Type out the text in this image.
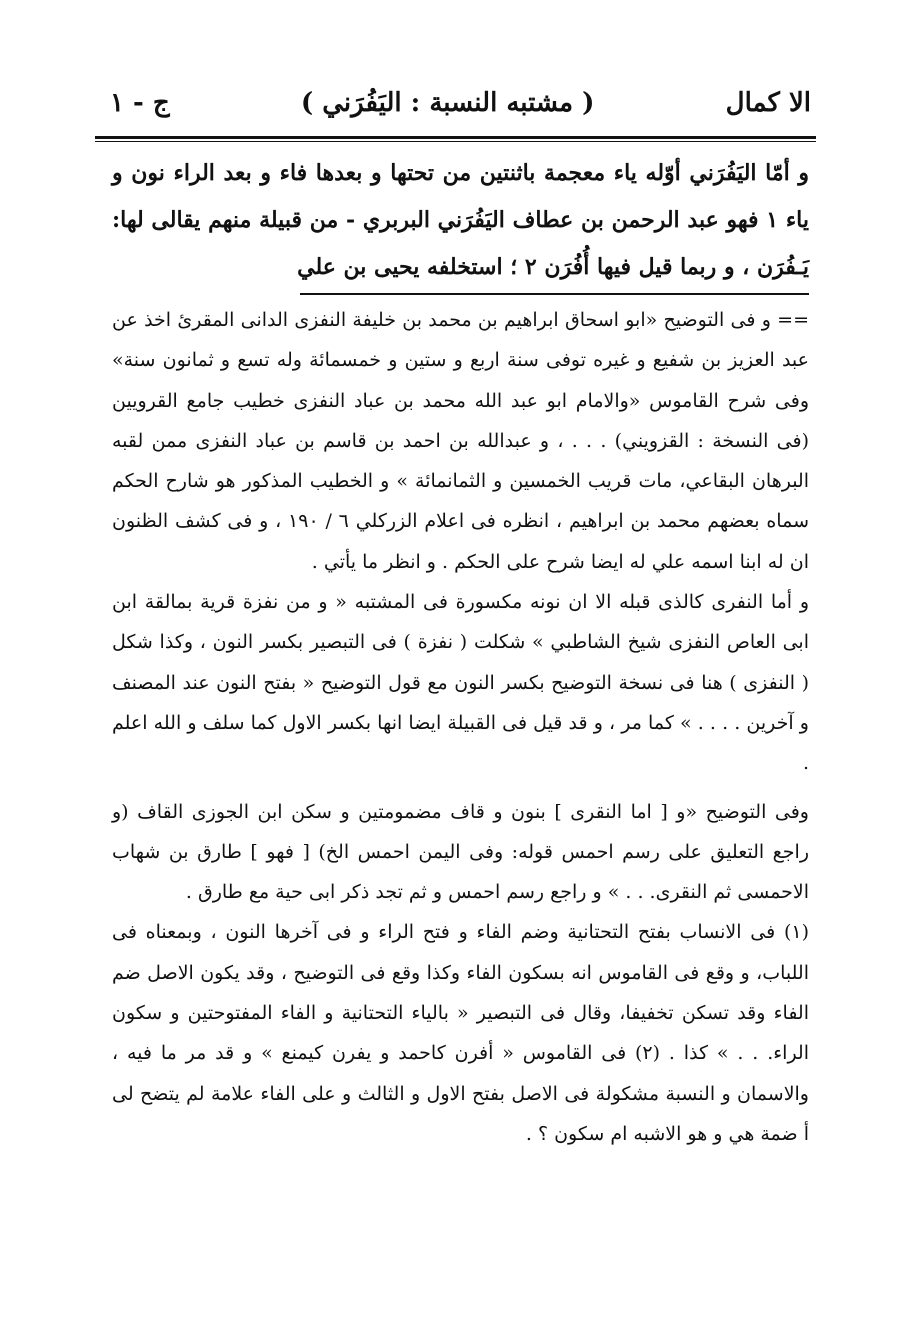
الا كمال
( مشتبه النسبة : اليَفُرَني )
ج - ١

و أمّا اليَفُرَني أوّله ياء معجمة باثنتين من تحتها و بعدها فاء و بعد الراء نون و ياء ١ فهو عبد الرحمن بن عطاف اليَفُرَني البربري - من قبيلة منهم يقالى لها: يَـفُرَن ، و ربما قيل فيها أُفُرَن ٢ ؛ استخلفه يحيى بن علي

== و فى التوضيح «ابو اسحاق ابراهيم بن محمد بن خليفة النفزى الدانى المقرئ اخذ عن عبد العزيز بن شفيع و غيره توفى سنة اربع و ستين و خمسمائة وله تسع و ثمانون سنة» وفى شرح القاموس «والامام ابو عبد الله محمد بن عباد النفزى خطيب جامع القرويين (فى النسخة : القزويني) . . . ، و عبدالله بن احمد بن قاسم بن عباد النفزى ممن لقبه البرهان البقاعي، مات قريب الخمسين و الثمانمائة » و الخطيب المذكور هو شارح الحكم سماه بعضهم محمد بن ابراهيم ، انظره فى اعلام الزركلي ٦ / ١٩٠ ، و فى كشف الظنون ان له ابنا اسمه علي له ايضا شرح على الحكم . و انظر ما يأتي .

و أما النفرى كالذى قبله الا ان نونه مكسورة فى المشتبه « و من نفزة قرية بمالقة ابن ابى العاص النفزى شيخ الشاطبي » شكلت ( نفزة ) فى التبصير بكسر النون ، وكذا شكل ( النفزى ) هنا فى نسخة التوضيح بكسر النون مع قول التوضيح « بفتح النون عند المصنف و آخرين . . . . » كما مر ، و قد قيل فى القبيلة ايضا انها بكسر الاول كما سلف و الله اعلم .

وفى التوضيح «و [ اما النقرى ] بنون و قاف مضمومتين و سكن ابن الجوزى القاف (و راجع التعليق على رسم احمس قوله: وفى اليمن احمس الخ) [ فهو ] طارق بن شهاب الاحمسى ثم النقرى. . . » و راجع رسم احمس و ثم تجد ذكر ابى حية مع طارق .

(١) فى الانساب بفتح التحتانية وضم الفاء و فتح الراء و فى آخرها النون ، وبمعناه فى اللباب، و وقع فى القاموس انه بسكون الفاء وكذا وقع فى التوضيح ، وقد يكون الاصل ضم الفاء وقد تسكن تخفيفا، وقال فى التبصير « بالياء التحتانية و الفاء المفتوحتين و سكون الراء. . . » كذا . (٢) فى القاموس « أفرن كاحمد و يفرن كيمنع » و قد مر ما فيه ، والاسمان و النسبة مشكولة فى الاصل بفتح الاول و الثالث و على الفاء علامة لم يتضح لى أ ضمة هي و هو الاشبه ام سكون ؟ .
